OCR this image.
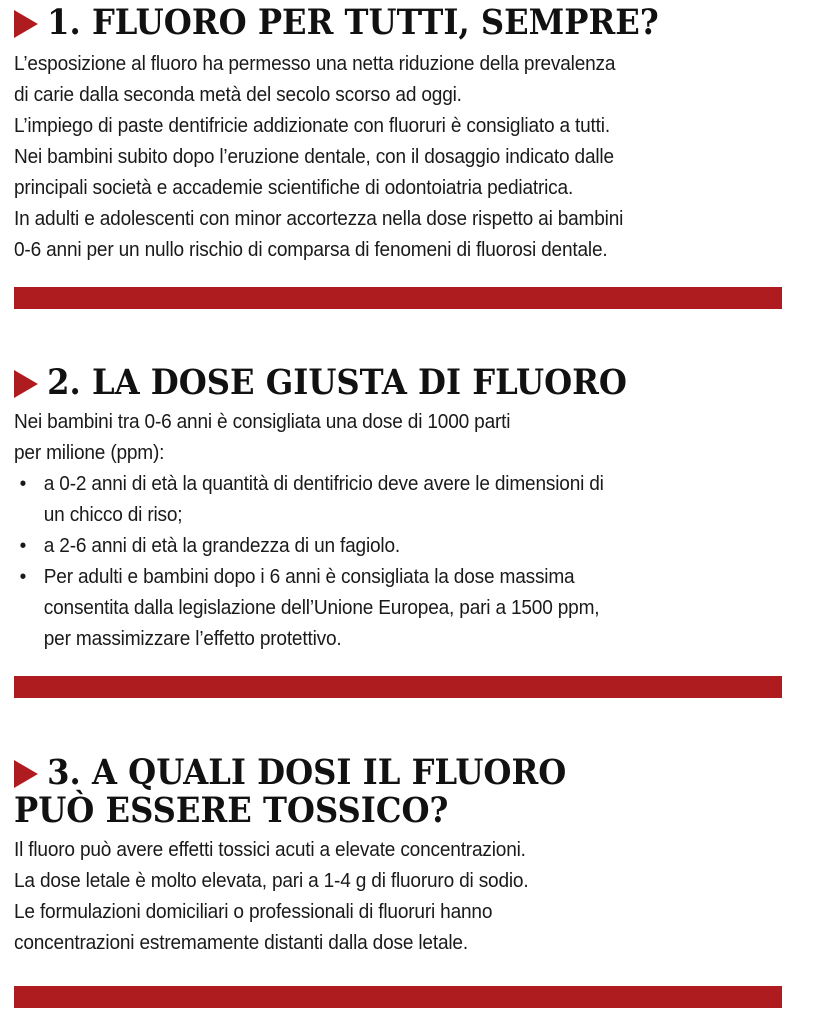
1. FLUORO PER TUTTI, SEMPRE?
L’esposizione al fluoro ha permesso una netta riduzione della prevalenza
di carie dalla seconda metà del secolo scorso ad oggi.
L’impiego di paste dentifricie addizionate con fluoruri è consigliato a tutti.
Nei bambini subito dopo l’eruzione dentale, con il dosaggio indicato dalle
principali società e accademie scientifiche di odontoiatria pediatrica.
In adulti e adolescenti con minor accortezza nella dose rispetto ai bambini
0-6 anni per un nullo rischio di comparsa di fenomeni di fluorosi dentale.
2. LA DOSE GIUSTA DI FLUORO
Nei bambini tra 0-6 anni è consigliata una dose di 1000 parti
per milione (ppm):
• a 0-2 anni di età la quantità di dentifricio deve avere le dimensioni di
un chicco di riso;
• a 2-6 anni di età la grandezza di un fagiolo.
• Per adulti e bambini dopo i 6 anni è consigliata la dose massima
consentita dalla legislazione dell’Unione Europea, pari a 1500 ppm,
per massimizzare l’effetto protettivo.
3. A QUALI DOSI IL FLUORO
PUÒ ESSERE TOSSICO?
Il fluoro può avere effetti tossici acuti a elevate concentrazioni.
La dose letale è molto elevata, pari a 1-4 g di fluoruro di sodio.
Le formulazioni domiciliari o professionali di fluoruri hanno
concentrazioni estremamente distanti dalla dose letale.
